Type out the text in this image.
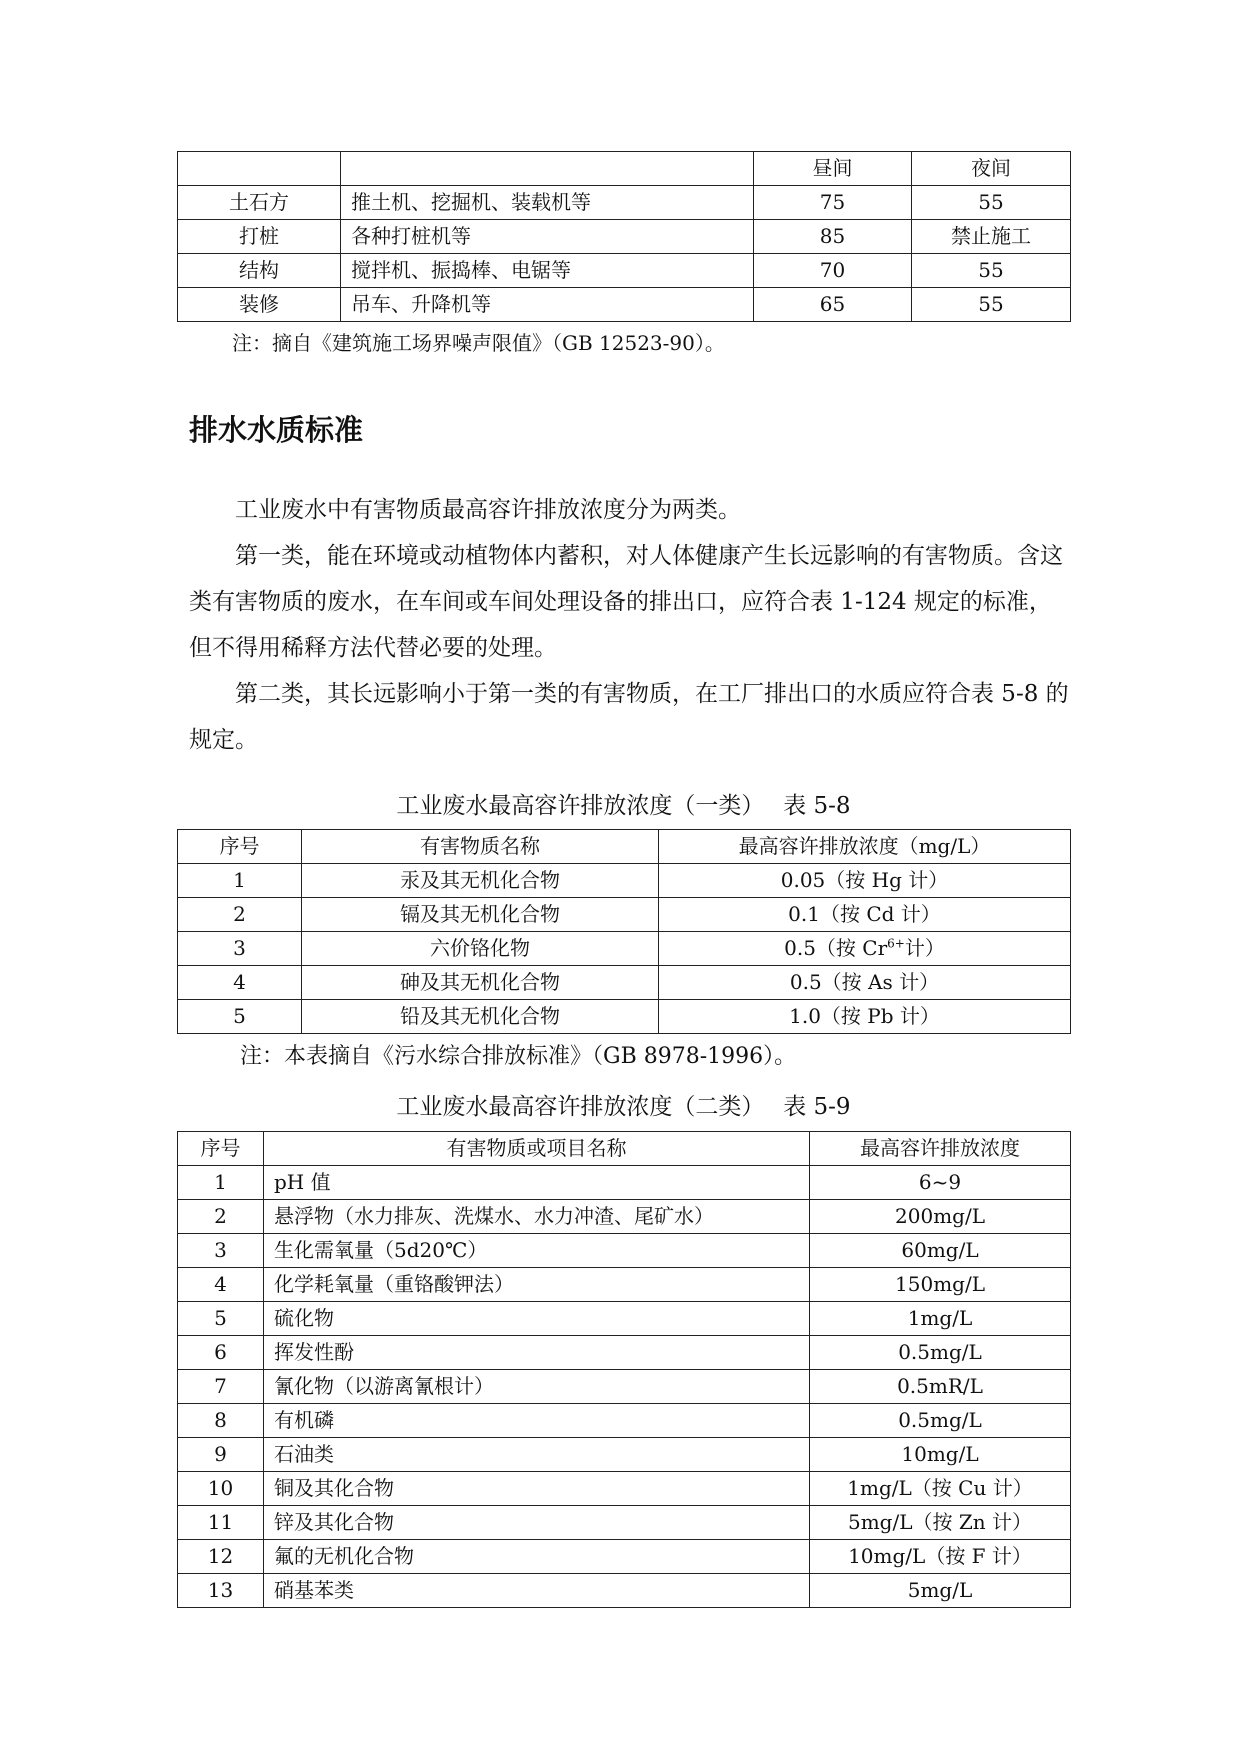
		昼间	夜间
土石方	推土机、挖掘机、装载机等	75	55
打桩	各种打桩机等	85	禁止施工
结构	搅拌机、振捣棒、电锯等	70	55
装修	吊车、升降机等	65	55
注：摘自《建筑施工场界噪声限值》（GB 12523-90）。
排水水质标准

工业废水中有害物质最高容许排放浓度分为两类。

第一类，能在环境或动植物体内蓄积，对人体健康产生长远影响的有害物质。含这类有害物质的废水，在车间或车间处理设备的排出口，应符合表 1-124 规定的标准，但不得用稀释方法代替必要的处理。

第二类，其长远影响小于第一类的有害物质，在工厂排出口的水质应符合表 5-8 的规定。

工业废水最高容许排放浓度（一类）　 表 5-8
序号	有害物质名称	最高容许排放浓度（mg/L）
1	汞及其无机化合物	0.05（按 Hg 计）
2	镉及其无机化合物	0.1（按 Cd 计）
3	六价铬化物	0.5（按 $Cr^{6+}$计）
4	砷及其无机化合物	0.5（按 As 计）
5	铅及其无机化合物	1.0（按 Pb 计）
注：本表摘自《污水综合排放标准》（GB 8978-1996）。
工业废水最高容许排放浓度（二类）　 表 5-9
序号	有害物质或项目名称	最高容许排放浓度
1	pH 值	6~9
2	悬浮物（水力排灰、洗煤水、水力冲渣、尾矿水）	200mg/L
3	生化需氧量（5d20℃）	60mg/L
4	化学耗氧量（重铬酸钾法）	150mg/L
5	硫化物	1mg/L
6	挥发性酚	0.5mg/L
7	氰化物（以游离氰根计）	0.5mR/L
8	有机磷	0.5mg/L
9	石油类	10mg/L
10	铜及其化合物	1mg/L（按 Cu 计）
11	锌及其化合物	5mg/L（按 Zn 计）
12	氟的无机化合物	10mg/L（按 F 计）
13	硝基苯类	5mg/L
